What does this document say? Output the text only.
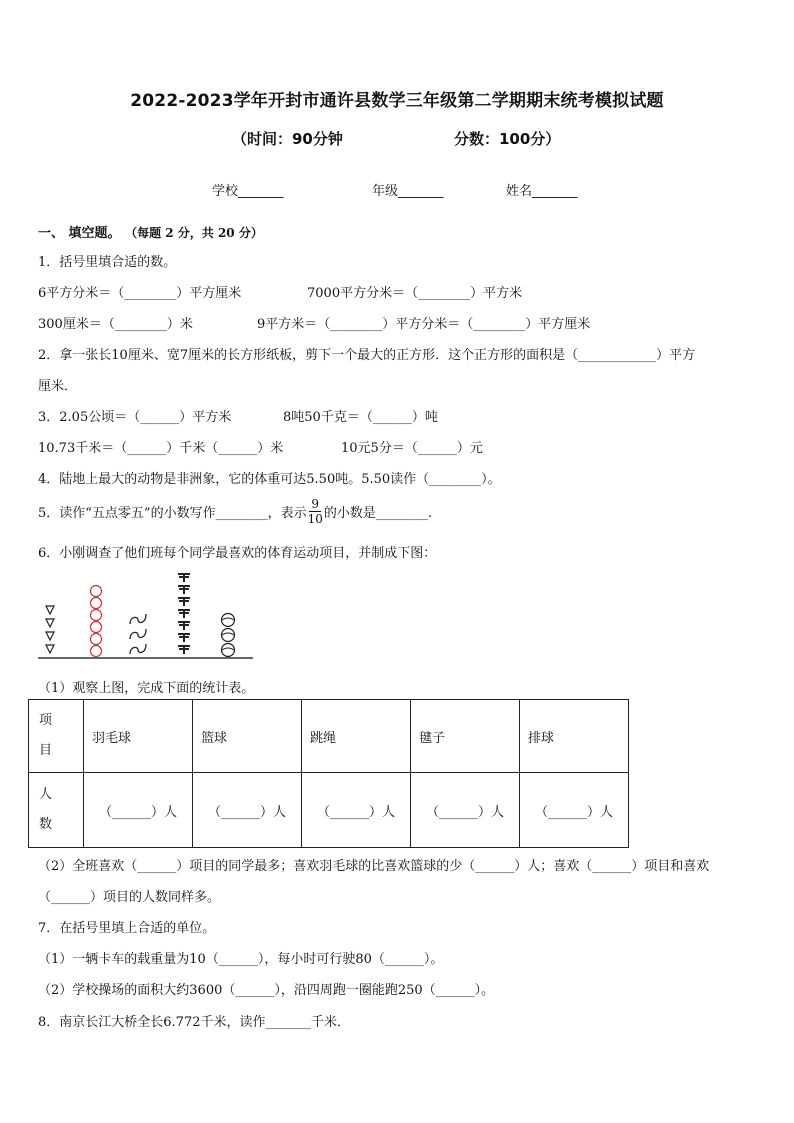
2022-2023学年开封市通许县数学三年级第二学期期末统考模拟试题
（时间：90分钟	分数：100分）
学校_______	年级_______	姓名_______
一、 填空题。 （每题 2 分，共 20 分）
1．括号里填合适的数。
6平方分米＝（________）平方厘米	7000平方分米＝（________）平方米
300厘米＝（________）米	9平方米＝（________）平方分米＝（________）平方厘米
2．拿一张长10厘米、宽7厘米的长方形纸板，剪下一个最大的正方形．这个正方形的面积是（____________）平方
厘米．
3．2.05公顷＝（______）平方米	8吨50千克＝（______）吨
10.73千米＝（______）千米（______）米	10元5分＝（______）元
4．陆地上最大的动物是非洲象，它的体重可达5.50吨。5.50读作（________）。
5．读作“五点零五”的小数写作________，表示 $\frac{9}{10}$ 的小数是________.
6．小刚调查了他们班每个同学最喜欢的体育运动项目，并制成下图：
（1）观察上图，完成下面的统计表。
项
目	羽毛球	篮球	跳绳	毽子	排球

人
数	（______）人	（______）人	（______）人	（______）人	（______）人
（2）全班喜欢（______）项目的同学最多；喜欢羽毛球的比喜欢篮球的少（______）人；喜欢（______）项目和喜欢
（______）项目的人数同样多。
7．在括号里填上合适的单位。
（1）一辆卡车的载重量为10（______），每小时可行驶80（______）。
（2）学校操场的面积大约3600（______），沿四周跑一圈能跑250（______）。
8．南京长江大桥全长6.772千米，读作_______千米．
